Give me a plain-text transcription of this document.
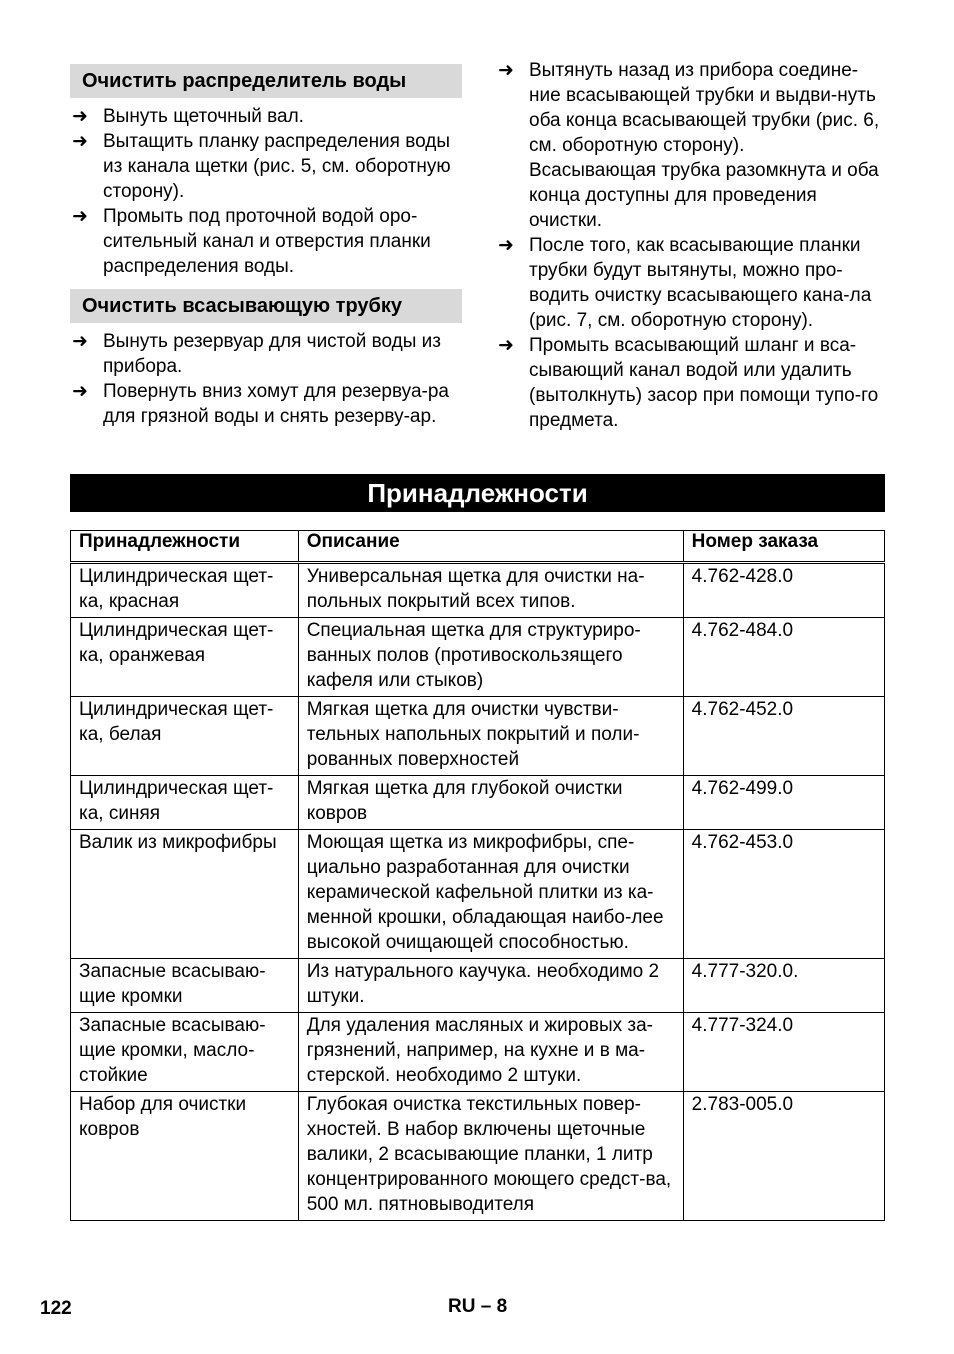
Очистить распределитель воды
➜ Вынуть щеточный вал.
➜ Вытащить планку распределения воды из канала щетки (рис. 5, см. оборотную сторону).
➜ Промыть под проточной водой оро-сительный канал и отверстия планки распределения воды.
Очистить всасывающую трубку
➜ Вынуть резервуар для чистой воды из прибора.
➜ Повернуть вниз хомут для резервуа-ра для грязной воды и снять резерву-ар.
➜ Вытянуть назад из прибора соедине-ние всасывающей трубки и выдви-нуть оба конца всасывающей трубки (рис. 6, см. оборотную сторону).
Всасывающая трубка разомкнута и оба конца доступны для проведения очистки.
➜ После того, как всасывающие планки трубки будут вытянуты, можно про-водить очистку всасывающего кана-ла (рис. 7, см. оборотную сторону).
➜ Промыть всасывающий шланг и вса-сывающий канал водой или удалить (вытолкнуть) засор при помощи тупо-го предмета.
Принадлежности
Принадлежности	Описание	Номер заказа
Цилиндрическая щет-ка, красная	Универсальная щетка для очистки на-польных покрытий всех типов.	4.762-428.0
Цилиндрическая щет-ка, оранжевая	Специальная щетка для структуриро-ванных полов (противоскользящего кафеля или стыков)	4.762-484.0
Цилиндрическая щет-ка, белая	Мягкая щетка для очистки чувстви-тельных напольных покрытий и поли-рованных поверхностей	4.762-452.0
Цилиндрическая щет-ка, синяя	Мягкая щетка для глубокой очистки ковров	4.762-499.0
Валик из микрофибры	Моющая щетка из микрофибры, спе-циально разработанная для очистки керамической кафельной плитки из ка-менной крошки, обладающая наибо-лее высокой очищающей способностью.	4.762-453.0
Запасные всасываю-щие кромки	Из натурального каучука. необходимо 2 штуки.	4.777-320.0.
Запасные всасываю-щие кромки, масло-стойкие	Для удаления масляных и жировых за-грязнений, например, на кухне и в ма-стерской. необходимо 2 штуки.	4.777-324.0
Набор для очистки ковров	Глубокая очистка текстильных повер-хностей. В набор включены щеточные валики, 2 всасывающие планки, 1 литр концентрированного моющего средст-ва, 500 мл. пятновыводителя	2.783-005.0
122	RU – 8
